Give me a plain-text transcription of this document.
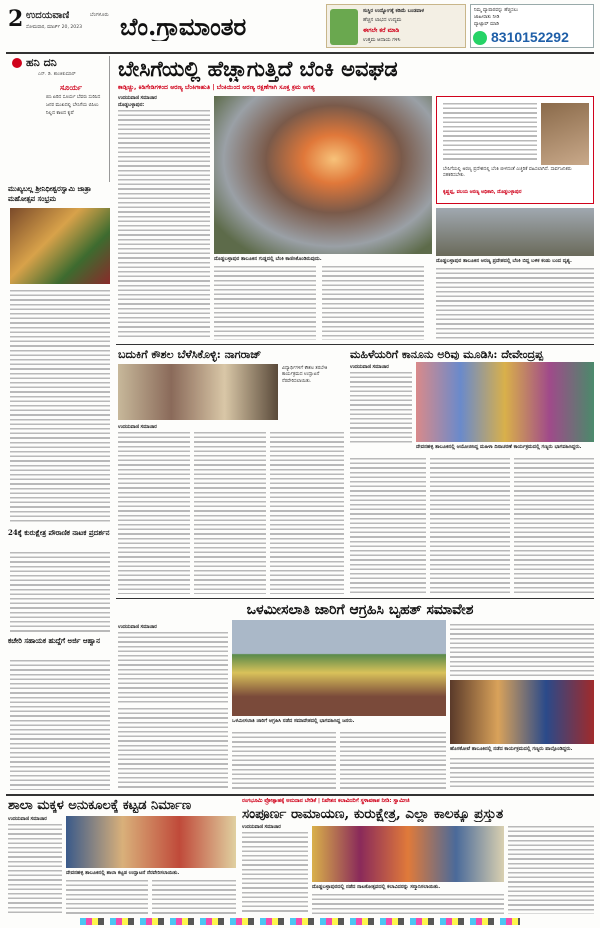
2 ಉದಯವಾಣಿ	ಬೆಂಗಳೂರು
ಸೋಮವಾರ, ಮಾರ್ಚ್ 20, 2023 ಬೆಂ.ಗ್ರಾಮಾಂತರ
ಸುಸ್ಥಿರ ಉದ್ಯೋಗಕ್ಕೆ ಕಡಿಮೆ ಬಂಡವಾಳ
ಹೆಚ್ಚಿನ ಲಾಭದ ಉದ್ಯಮ
ಈಗಲೇ ಕರೆ ಮಾಡಿ
ಉತ್ತಮ ಆದಾಯ ಗಳಿಸಿ
ನಿಮ್ಮ ವ್ಯಾಪಾರವನ್ನು ಹೆಚ್ಚಿಸಲು
ಜಾಹೀರಾತು ನೀಡಿ
ವ್ಯಾಟ್ಸಾಪ್ ಮಾಡಿ
8310152292
ಹನಿ ದನಿ
ಎನ್. ಡಿ. ಶಾಂತಿಕುಮಾರ್
ಸೂರ್ಯ
ಬಿಸಿ ಏರಿದ ಸೂರ್ಯ ಬೆವರು ಸುರಿಸಿದ ಜನರ ಮುಖದಲ್ಲಿ ಬೇಸಿಗೆಯ ಬಿಸಿಲು ನಿಲ್ಲದ ಕಾಲದ ಕೃಪೆ
ಮುಖ್ಯಬಲ್ಲ ಶ್ರೀನಿಧೀಶ್ವರಸ್ವಾಮಿ ಜಾತ್ರಾ ಮಹೋತ್ಸವ ಸಂಭ್ರಮ
24ಕ್ಕೆ ಕುರುಕ್ಷೇತ್ರ ಪೌರಾಣಿಕ ನಾಟಕ ಪ್ರದರ್ಶನ
ಕಚೇರಿ ಸಹಾಯಕ ಹುದ್ದೆಗೆ ಅರ್ಜಿ ಆಹ್ವಾನ
ಬೇಸಿಗೆಯಲ್ಲಿ ಹೆಚ್ಚಾಗುತ್ತಿದೆ ಬೆಂಕಿ ಅವಘಡ
ಕಾಡ್ಗಿಚ್ಚು, ಕಿಡಿಗೇಡಿಗಳಿಂದ ಅರಣ್ಯ ಬೆಂಕಿಗಾಹುತಿ | ಬೆಂಕಿಯಿಂದ ಅರಣ್ಯ ರಕ್ಷಣೆಗಾಗಿ ಸೂಕ್ತ ಕ್ರಮ ಅಗತ್ಯ
ಉದಯವಾಣಿ ಸಮಾಚಾರ
ದೊಡ್ಡಬಳ್ಳಾಪುರ:
ದೊಡ್ಡಬಳ್ಳಾಪುರ ತಾಲೂಕಿನ ಗುಡ್ಡದಲ್ಲಿ ಬೆಂಕಿ ಕಾಣಿಸಿಕೊಂಡಿರುವುದು.
ಬೇಸಿಗೆಯಲ್ಲಿ ಅರಣ್ಯ ಪ್ರದೇಶದಲ್ಲಿ ಬೆಂಕಿ ಬೀಳದಂತೆ ಎಚ್ಚರಿಕೆ ವಹಿಸಲಾಗಿದೆ. ಸಾರ್ವಜನಿಕರು ಸಹಕರಿಸಬೇಕು.
ಕೃಷ್ಣಪ್ಪ, ವಲಯ ಅರಣ್ಯ ಅಧಿಕಾರಿ, ದೊಡ್ಡಬಳ್ಳಾಪುರ
ದೊಡ್ಡಬಳ್ಳಾಪುರ ತಾಲೂಕಿನ ಅರಣ್ಯ ಪ್ರದೇಶದಲ್ಲಿ ಬೆಂಕಿ ಬಿದ್ದ ಬಳಿಕ ಕಂಡು ಬಂದ ದೃಶ್ಯ.
ಬದುಕಿಗೆ ಕೌಶಲ ಬೆಳೆಸಿಕೊಳ್ಳಿ: ನಾಗರಾಜ್
ವಿದ್ಯಾರ್ಥಿಗಳಿಗೆ ಕೌಶಲ ತರಬೇತಿ ಕಾರ್ಯಕ್ರಮದ ಉದ್ಘಾಟನೆ ನೆರವೇರಿಸಲಾಯಿತು.
ಉದಯವಾಣಿ ಸಮಾಚಾರ
ಮಹಿಳೆಯರಿಗೆ ಕಾನೂನು ಅರಿವು ಮೂಡಿಸಿ: ದೇವೇಂದ್ರಪ್ಪ
ಉದಯವಾಣಿ ಸಮಾಚಾರ
ದೇವನಹಳ್ಳಿ ತಾಲೂಕಿನಲ್ಲಿ ಆಯೋಜಿಸಿದ್ದ ಮಹಿಳಾ ದಿನಾಚರಣೆ ಕಾರ್ಯಕ್ರಮದಲ್ಲಿ ಗಣ್ಯರು ಭಾಗವಹಿಸಿದ್ದರು.
ಒಳಮೀಸಲಾತಿ ಜಾರಿಗೆ ಆಗ್ರಹಿಸಿ ಬೃಹತ್ ಸಮಾವೇಶ
ಉದಯವಾಣಿ ಸಮಾಚಾರ
ಒಳಮೀಸಲಾತಿ ಜಾರಿಗೆ ಆಗ್ರಹಿಸಿ ನಡೆದ ಸಮಾವೇಶದಲ್ಲಿ ಭಾಗವಹಿಸಿದ್ದ ಜನರು.
ಹೊಸಕೋಟೆ ತಾಲೂಕಿನಲ್ಲಿ ನಡೆದ ಕಾರ್ಯಕ್ರಮದಲ್ಲಿ ಗಣ್ಯರು ಪಾಲ್ಗೊಂಡಿದ್ದರು.
ಶಾಲಾ ಮಕ್ಕಳ ಅನುಕೂಲಕ್ಕೆ ಕಟ್ಟಡ ನಿರ್ಮಾಣ
ಉದಯವಾಣಿ ಸಮಾಚಾರ
ದೇವನಹಳ್ಳಿ ತಾಲೂಕಿನಲ್ಲಿ ಶಾಲಾ ಕಟ್ಟಡ ಉದ್ಘಾಟನೆ ನೆರವೇರಿಸಲಾಯಿತು.
ರಂಗಭೂಮಿ ಪ್ರೋತ್ಸಾಹಕ್ಕೆ ಅನುದಾನ ಬೇಡಿಕೆ | ನಿವೇಶನ ಕಲಾವಿದರಿಗೆ ಸ್ಥಳಾವಕಾಶ ನೀಡಿ: ಸ್ವಾಮೀಜಿ
ಸಂಪೂರ್ಣ ರಾಮಾಯಣ, ಕುರುಕ್ಷೇತ್ರ, ಎಲ್ಲಾ ಕಾಲಕ್ಕೂ ಪ್ರಸ್ತುತ
ಉದಯವಾಣಿ ಸಮಾಚಾರ
ದೊಡ್ಡಬಳ್ಳಾಪುರದಲ್ಲಿ ನಡೆದ ನಾಟಕೋತ್ಸವದಲ್ಲಿ ಕಲಾವಿದರನ್ನು ಸನ್ಮಾನಿಸಲಾಯಿತು.
